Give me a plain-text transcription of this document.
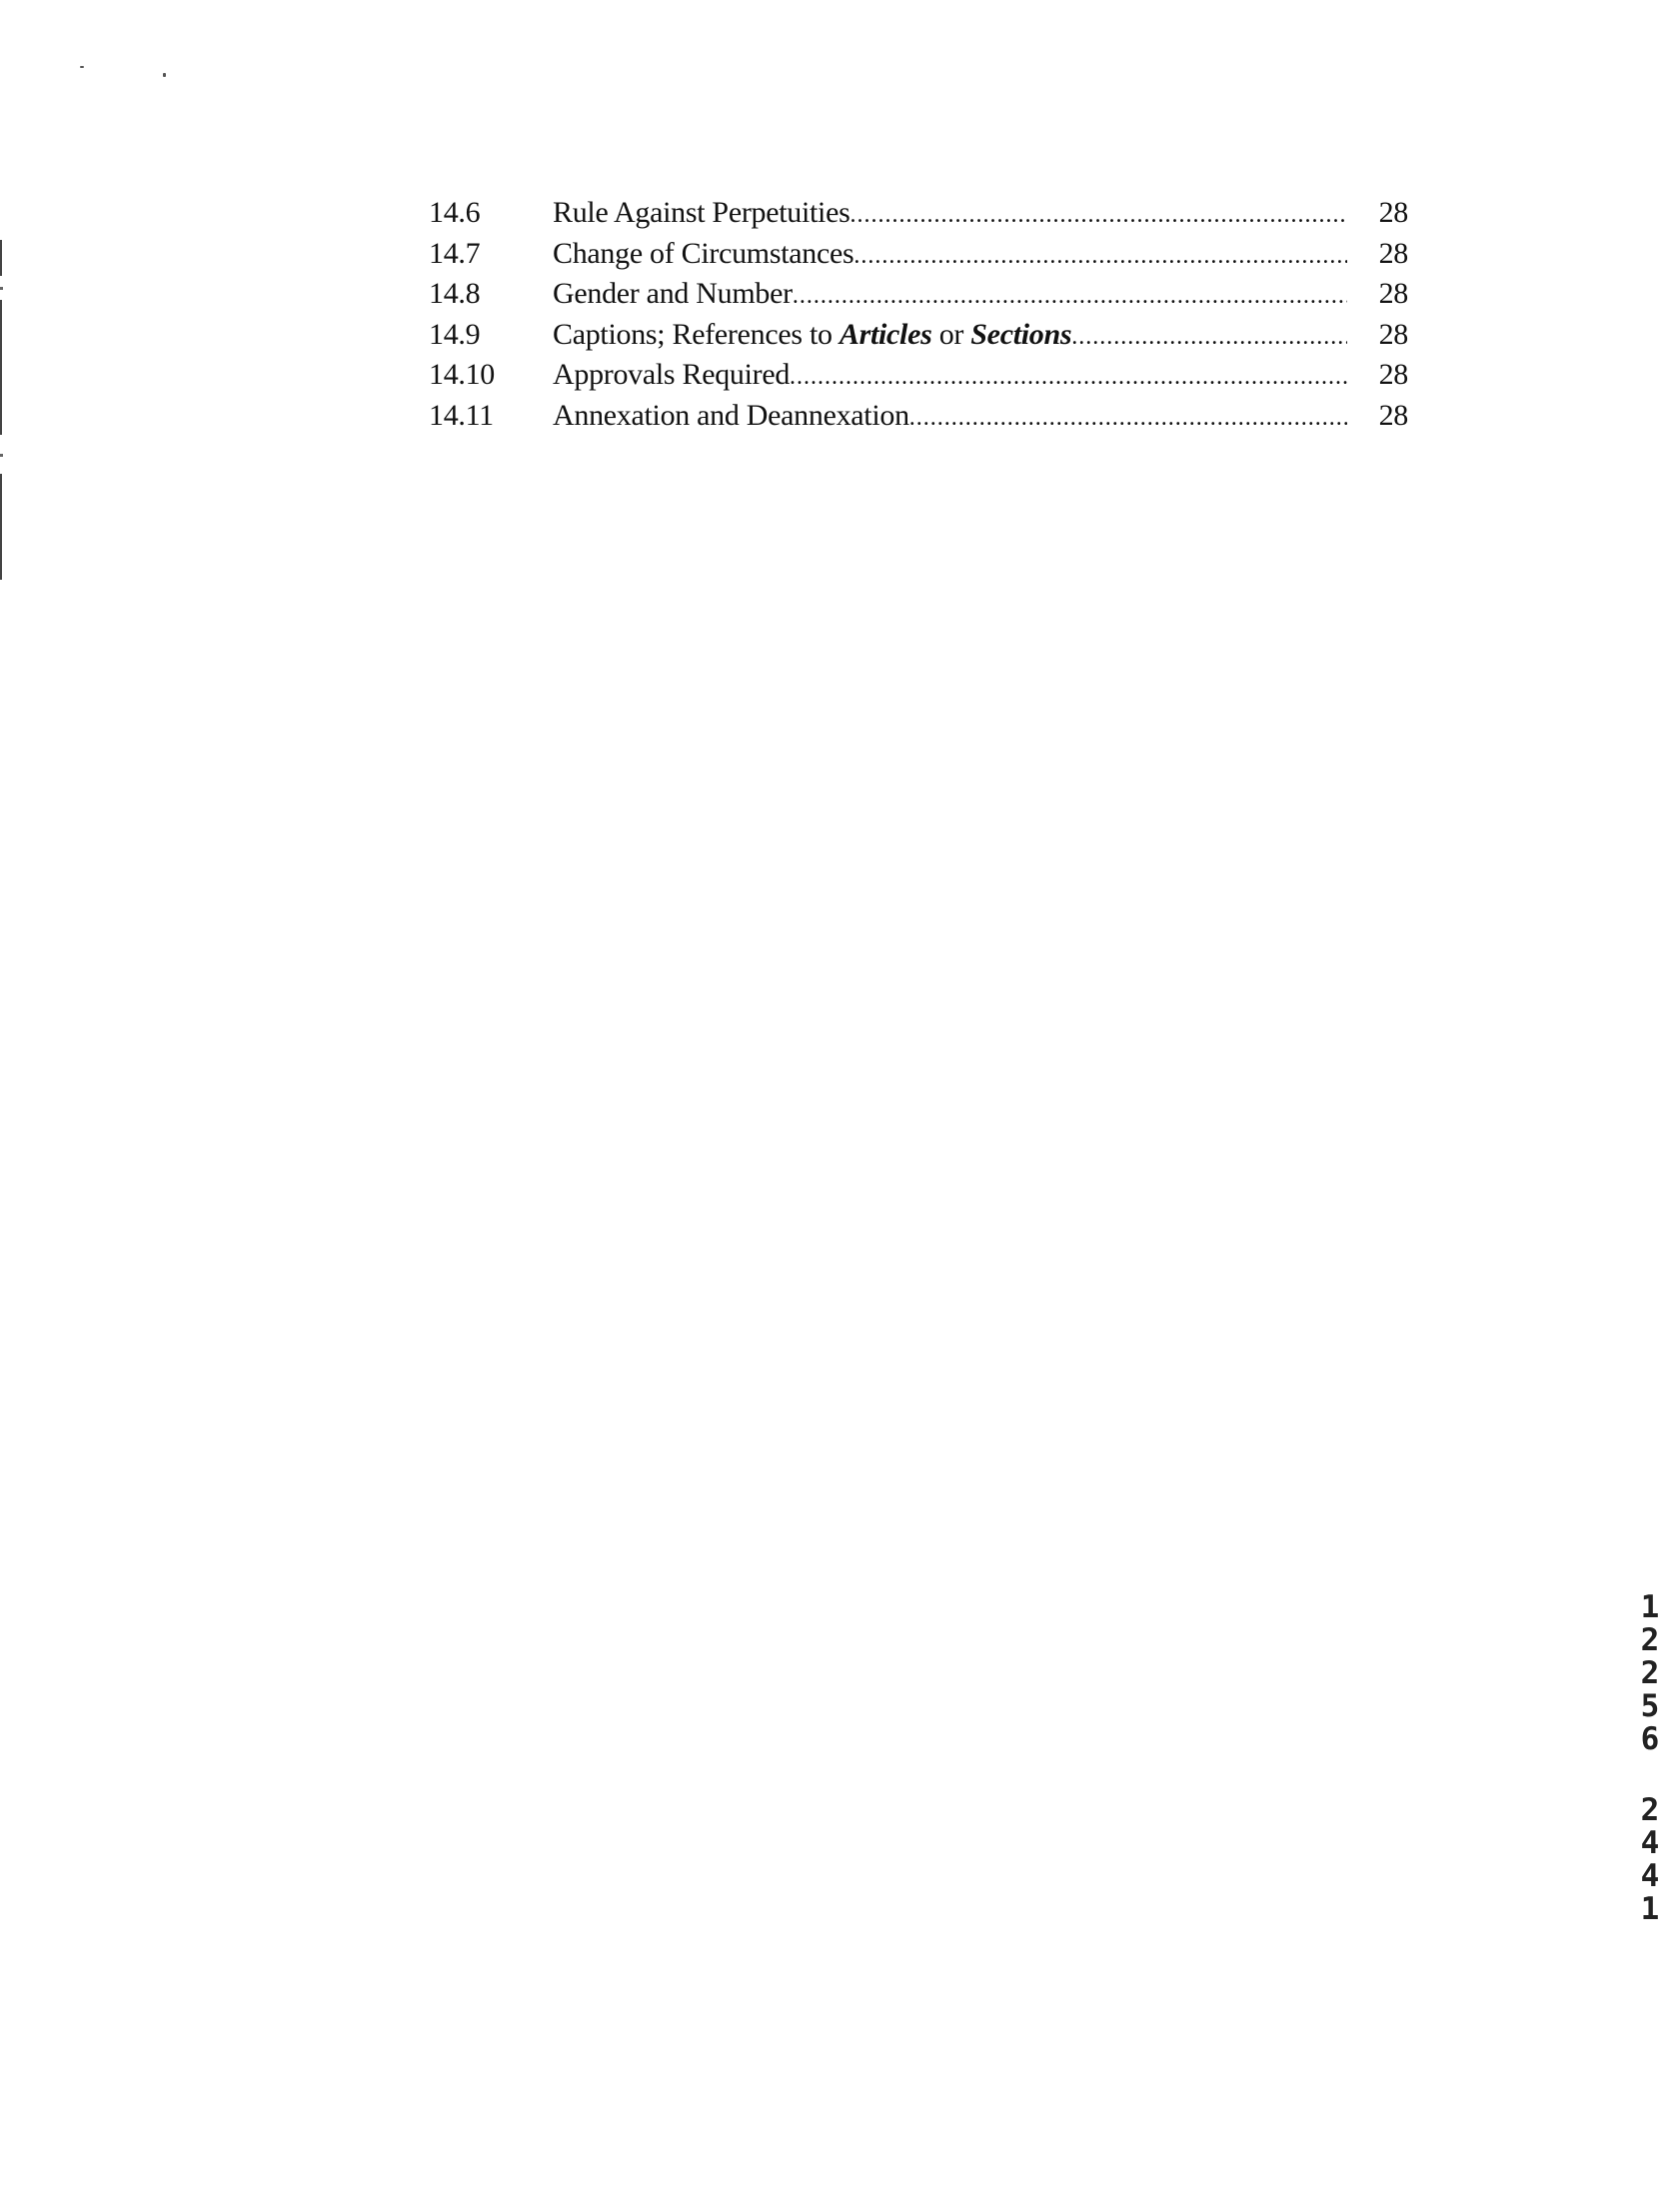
14.6	Rule Against Perpetuities .....	28
14.7	Change of Circumstances .....	28
14.8	Gender and Number .....	28
14.9	Captions; References to Articles or Sections .....	28
14.10	Approvals Required .....	28
14.11	Annexation and Deannexation .....	28
1
2
2
5
6
2
4
4
1
